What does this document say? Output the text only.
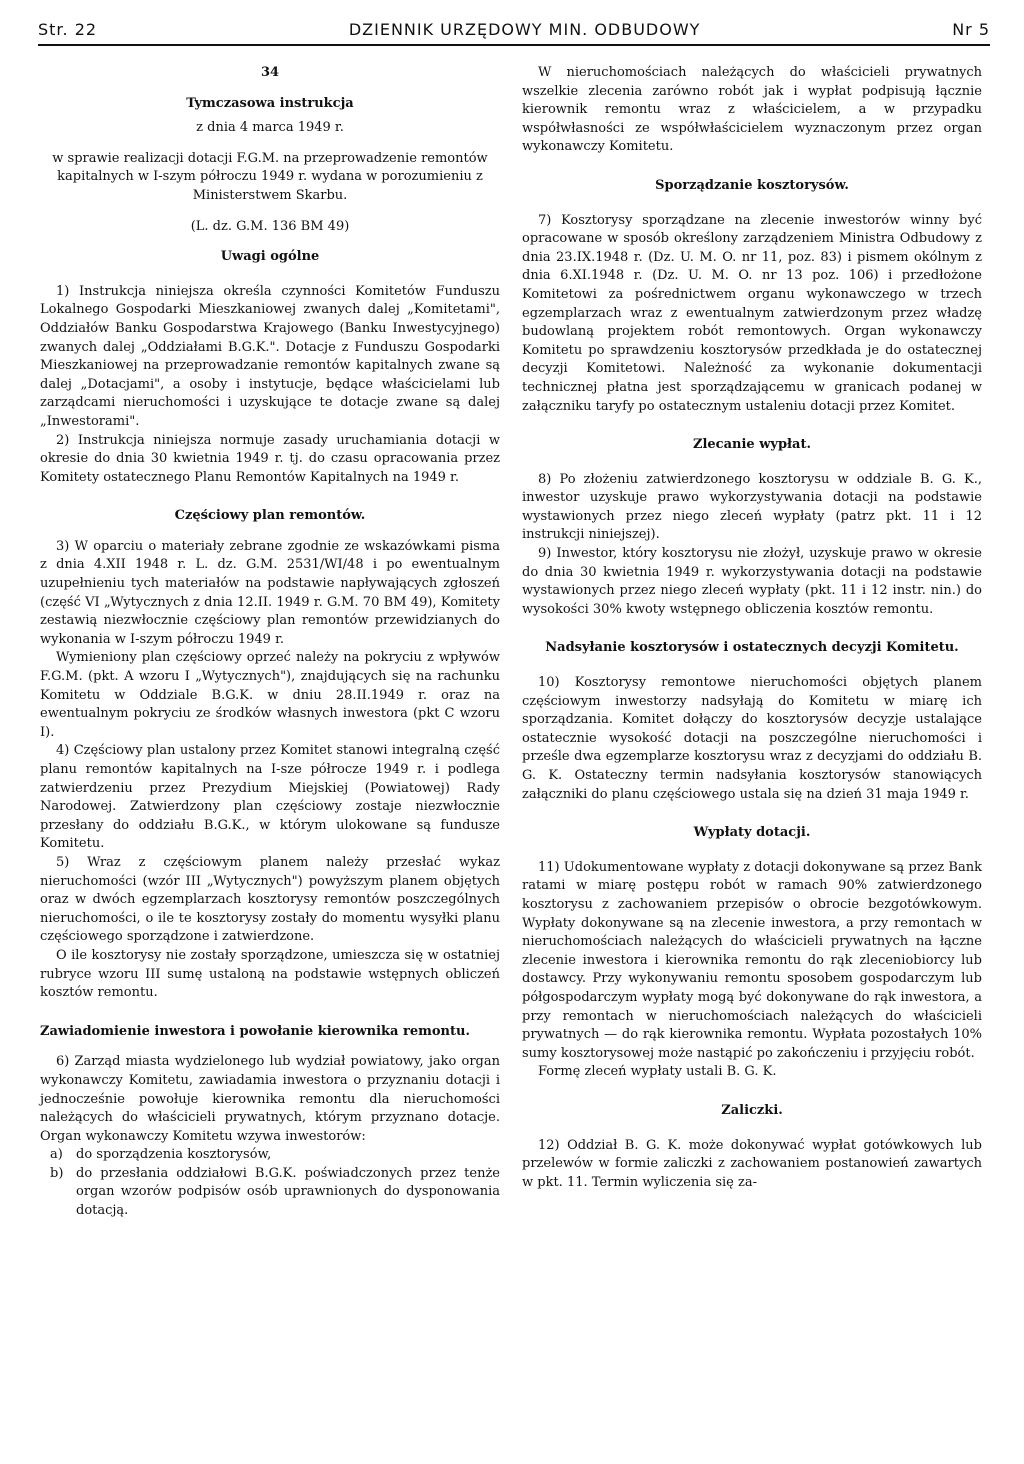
Str. 22	DZIENNIK URZĘDOWY MIN. ODBUDOWY	Nr 5

34

Tymczasowa instrukcja

z dnia 4 marca 1949 r.

w sprawie realizacji dotacji F.G.M. na przeprowadzenie remontów kapitalnych w I-szym półroczu 1949 r. wydana w porozumieniu z Ministerstwem Skarbu.

(L. dz. G.M. 136 BM 49)

Uwagi ogólne

1) Instrukcja niniejsza określa czynności Komitetów Funduszu Lokalnego Gospodarki Mieszkaniowej zwanych dalej „Komitetami", Oddziałów Banku Gospodarstwa Krajowego (Banku Inwestycyjnego) zwanych dalej „Oddziałami B.G.K.". Dotacje z Funduszu Gospodarki Mieszkaniowej na przeprowadzanie remontów kapitalnych zwane są dalej „Dotacjami", a osoby i instytucje, będące właścicielami lub zarządcami nieruchomości i uzyskujące te dotacje zwane są dalej „Inwestorami".

2) Instrukcja niniejsza normuje zasady uruchamiania dotacji w okresie do dnia 30 kwietnia 1949 r. tj. do czasu opracowania przez Komitety ostatecznego Planu Remontów Kapitalnych na 1949 r.

Częściowy plan remontów.

3) W oparciu o materiały zebrane zgodnie ze wskazówkami pisma z dnia 4.XII 1948 r. L. dz. G.M. 2531/WI/48 i po ewentualnym uzupełnieniu tych materiałów na podstawie napływających zgłoszeń (część VI „Wytycznych z dnia 12.II. 1949 r. G.M. 70 BM 49), Komitety zestawią niezwłocznie częściowy plan remontów przewidzianych do wykonania w I-szym półroczu 1949 r.

Wymieniony plan częściowy oprzeć należy na pokryciu z wpływów F.G.M. (pkt. A wzoru I „Wytycznych"), znajdujących się na rachunku Komitetu w Oddziale B.G.K. w dniu 28.II.1949 r. oraz na ewentualnym pokryciu ze środków własnych inwestora (pkt C wzoru I).

4) Częściowy plan ustalony przez Komitet stanowi integralną część planu remontów kapitalnych na I-sze półrocze 1949 r. i podlega zatwierdzeniu przez Prezydium Miejskiej (Powiatowej) Rady Narodowej. Zatwierdzony plan częściowy zostaje niezwłocznie przesłany do oddziału B.G.K., w którym ulokowane są fundusze Komitetu.

5) Wraz z częściowym planem należy przesłać wykaz nieruchomości (wzór III „Wytycznych") powyższym planem objętych oraz w dwóch egzemplarzach kosztorysy remontów poszczególnych nieruchomości, o ile te kosztorysy zostały do momentu wysyłki planu częściowego sporządzone i zatwierdzone.

O ile kosztorysy nie zostały sporządzone, umieszcza się w ostatniej rubryce wzoru III sumę ustaloną na podstawie wstępnych obliczeń kosztów remontu.

Zawiadomienie inwestora i powołanie kierownika remontu.

6) Zarząd miasta wydzielonego lub wydział powiatowy, jako organ wykonawczy Komitetu, zawiadamia inwestora o przyznaniu dotacji i jednocześnie powołuje kierownika remontu dla nieruchomości należących do właścicieli prywatnych, którym przyznano dotacje. Organ wykonawczy Komitetu wzywa inwestorów:

a)	do sporządzenia kosztorysów,
b) do przesłania oddziałowi B.G.K. poświadczonych przez tenże organ wzorów podpisów osób uprawnionych do dysponowania dotacją.

W nieruchomościach należących do właścicieli prywatnych wszelkie zlecenia zarówno robót jak i wypłat podpisują łącznie kierownik remontu wraz z właścicielem, a w przypadku współwłasności ze współwłaścicielem wyznaczonym przez organ wykonawczy Komitetu.

Sporządzanie kosztorysów.

7) Kosztorysy sporządzane na zlecenie inwestorów winny być opracowane w sposób określony zarządzeniem Ministra Odbudowy z dnia 23.IX.1948 r. (Dz. U. M. O. nr 11, poz. 83) i pismem okólnym z dnia 6.XI.1948 r. (Dz. U. M. O. nr 13 poz. 106) i przedłożone Komitetowi za pośrednictwem organu wykonawczego w trzech egzemplarzach wraz z ewentualnym zatwierdzonym przez władzę budowlaną projektem robót remontowych. Organ wykonawczy Komitetu po sprawdzeniu kosztorysów przedkłada je do ostatecznej decyzji Komitetowi. Należność za wykonanie dokumentacji technicznej płatna jest sporządzającemu w granicach podanej w załączniku taryfy po ostatecznym ustaleniu dotacji przez Komitet.

Zlecanie wypłat.

8) Po złożeniu zatwierdzonego kosztorysu w oddziale B. G. K., inwestor uzyskuje prawo wykorzystywania dotacji na podstawie wystawionych przez niego zleceń wypłaty (patrz pkt. 11 i 12 instrukcji niniejszej).

9) Inwestor, który kosztorysu nie złożył, uzyskuje prawo w okresie do dnia 30 kwietnia 1949 r. wykorzystywania dotacji na podstawie wystawionych przez niego zleceń wypłaty (pkt. 11 i 12 instr. nin.) do wysokości 30% kwoty wstępnego obliczenia kosztów remontu.

Nadsyłanie kosztorysów i ostatecznych decyzji Komitetu.

10) Kosztorysy remontowe nieruchomości objętych planem częściowym inwestorzy nadsyłają do Komitetu w miarę ich sporządzania. Komitet dołączy do kosztorysów decyzje ustalające ostatecznie wysokość dotacji na poszczególne nieruchomości i prześle dwa egzemplarze kosztorysu wraz z decyzjami do oddziału B. G. K. Ostateczny termin nadsyłania kosztorysów stanowiących załączniki do planu częściowego ustala się na dzień 31 maja 1949 r.

Wypłaty dotacji.

11) Udokumentowane wypłaty z dotacji dokonywane są przez Bank ratami w miarę postępu robót w ramach 90% zatwierdzonego kosztorysu z zachowaniem przepisów o obrocie bezgotówkowym. Wypłaty dokonywane są na zlecenie inwestora, a przy remontach w nieruchomościach należących do właścicieli prywatnych na łączne zlecenie inwestora i kierownika remontu do rąk zleceniobiorcy lub dostawcy. Przy wykonywaniu remontu sposobem gospodarczym lub półgospodarczym wypłaty mogą być dokonywane do rąk inwestora, a przy remontach w nieruchomościach należących do właścicieli prywatnych — do rąk kierownika remontu. Wypłata pozostałych 10% sumy kosztorysowej może nastąpić po zakończeniu i przyjęciu robót.

Formę zleceń wypłaty ustali B. G. K.

Zaliczki.

12) Oddział B. G. K. może dokonywać wypłat gotówkowych lub przelewów w formie zaliczki z zachowaniem postanowień zawartych w pkt. 11. Termin wyliczenia się za-
